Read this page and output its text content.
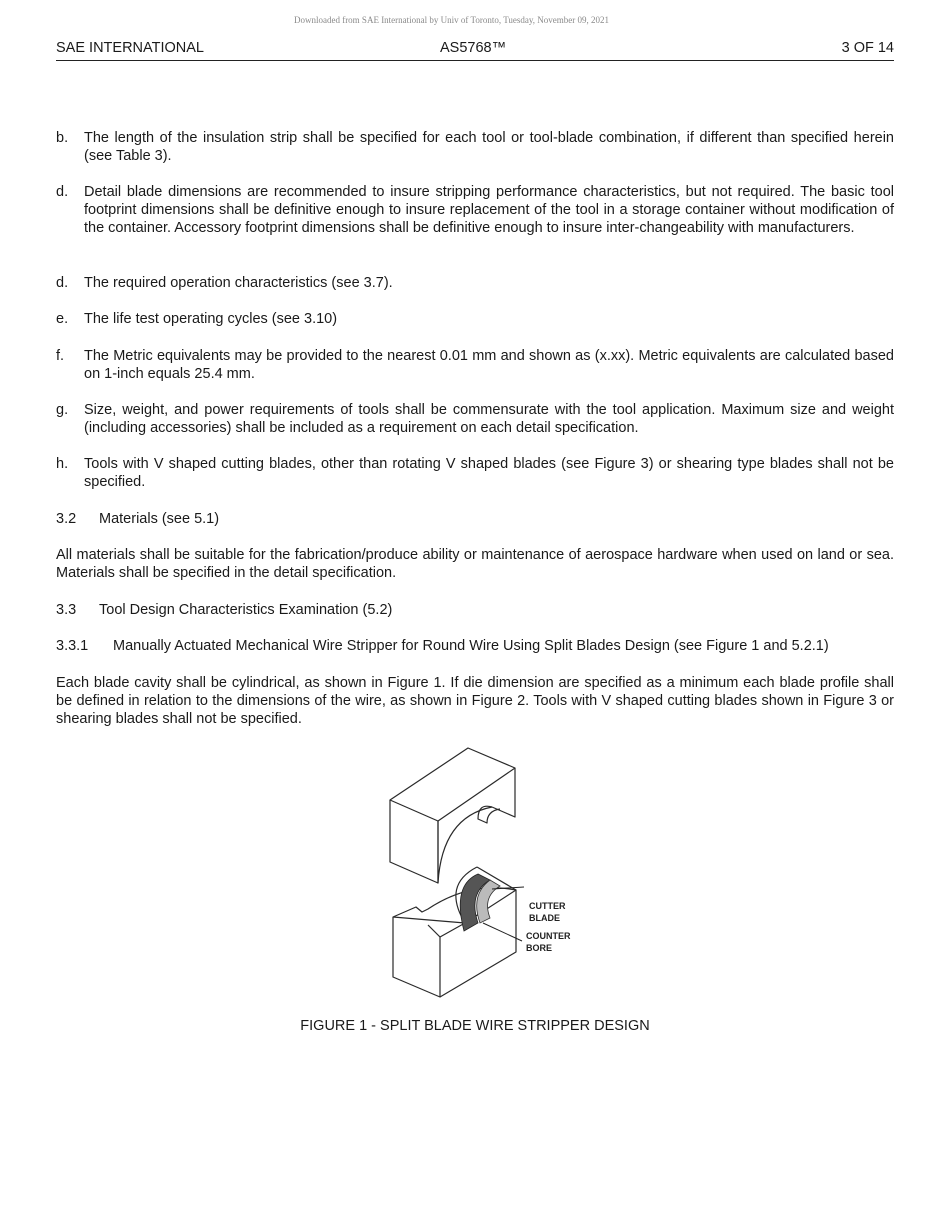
Downloaded from SAE International by Univ of Toronto, Tuesday, November 09, 2021
SAE INTERNATIONAL	AS5768™	3 OF 14
b. The length of the insulation strip shall be specified for each tool or tool-blade combination, if different than specified herein (see Table 3).
d. Detail blade dimensions are recommended to insure stripping performance characteristics, but not required. The basic tool footprint dimensions shall be definitive enough to insure replacement of the tool in a storage container without modification of the container. Accessory footprint dimensions shall be definitive enough to insure inter-changeability with manufacturers.
d. The required operation characteristics (see 3.7).
e. The life test operating cycles (see 3.10)
f. The Metric equivalents may be provided to the nearest 0.01 mm and shown as (x.xx). Metric equivalents are calculated based on 1-inch equals 25.4 mm.
g. Size, weight, and power requirements of tools shall be commensurate with the tool application. Maximum size and weight (including accessories) shall be included as a requirement on each detail specification.
h. Tools with V shaped cutting blades, other than rotating V shaped blades (see Figure 3) or shearing type blades shall not be specified.
3.2 Materials (see 5.1)
All materials shall be suitable for the fabrication/produce ability or maintenance of aerospace hardware when used on land or sea. Materials shall be specified in the detail specification.
3.3 Tool Design Characteristics Examination (5.2)
3.3.1 Manually Actuated Mechanical Wire Stripper for Round Wire Using Split Blades Design (see Figure 1 and 5.2.1)
Each blade cavity shall be cylindrical, as shown in Figure 1. If die dimension are specified as a minimum each blade profile shall be defined in relation to the dimensions of the wire, as shown in Figure 2. Tools with V shaped cutting blades shown in Figure 3 or shearing blades shall not be specified.
CUTTER
BLADE
COUNTER
BORE
FIGURE 1 - SPLIT BLADE WIRE STRIPPER DESIGN
